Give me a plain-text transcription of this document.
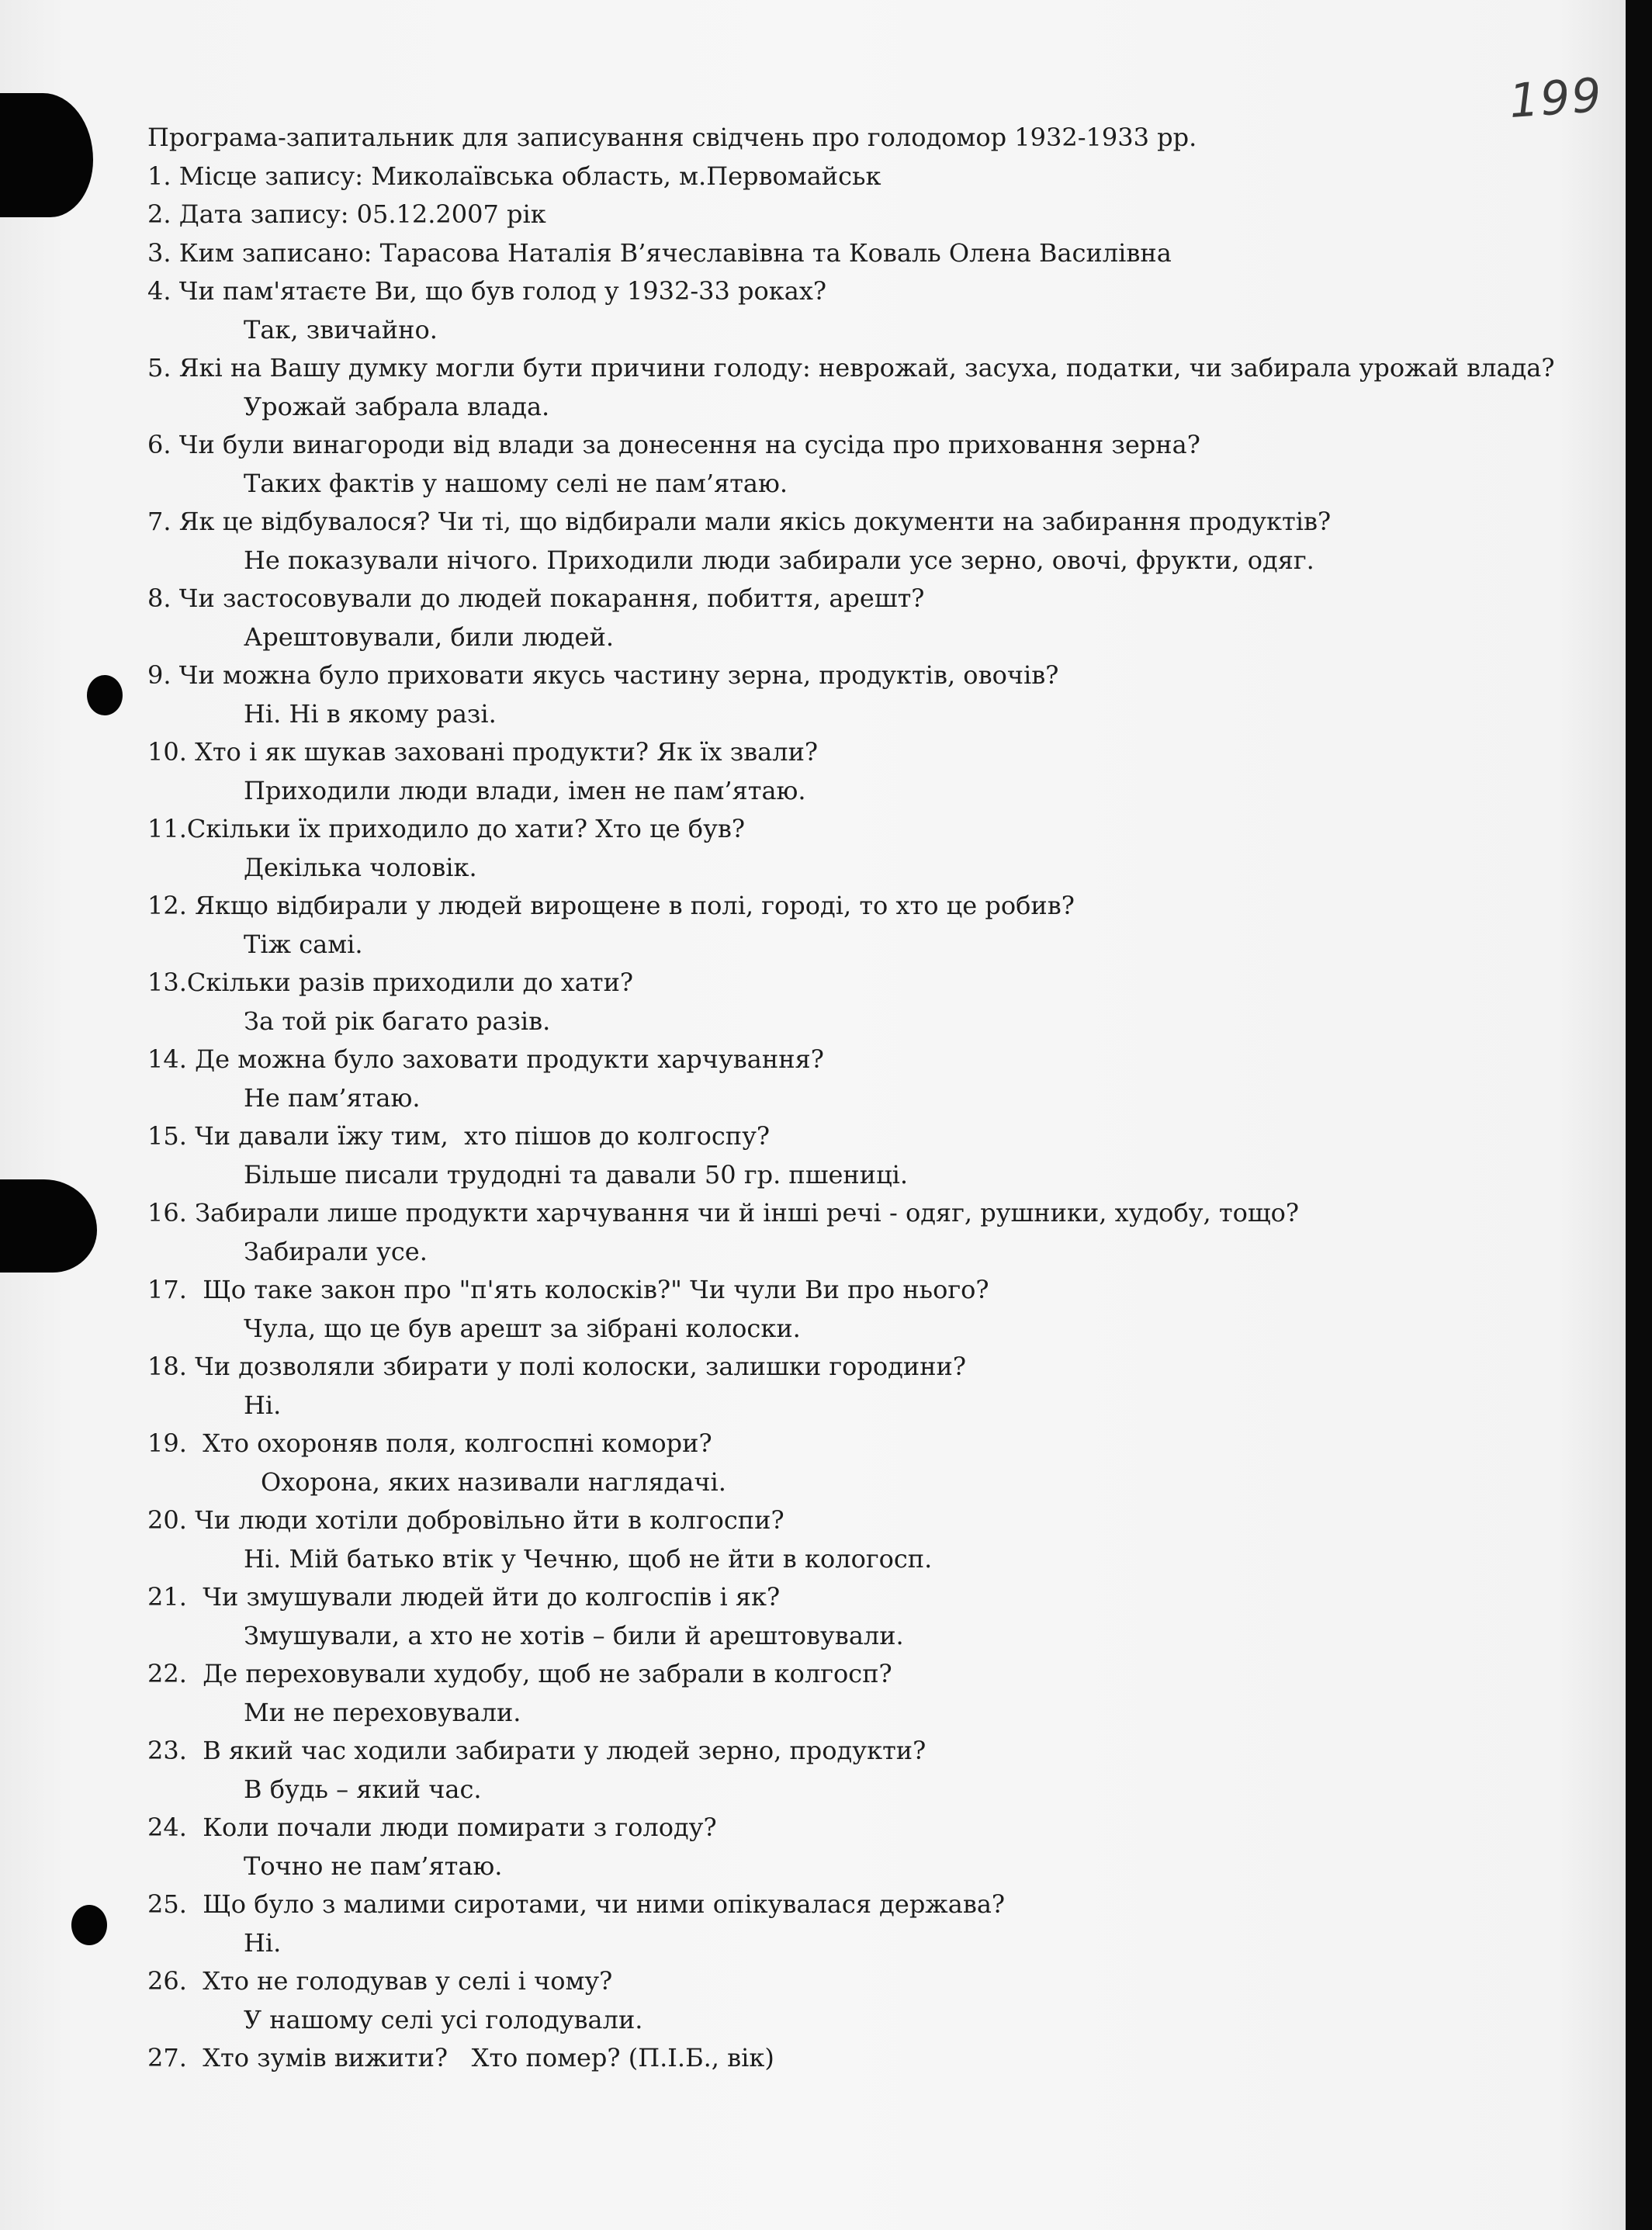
199
Програма-запитальник для записування свідчень про голодомор 1932-1933 рр.
1. Місце запису: Миколаївська область, м.Первомайськ
2. Дата запису: 05.12.2007 рік
3. Ким записано: Тарасова Наталія В’ячеславівна та Коваль Олена Василівна
4. Чи пам'ятаєте Ви, що був голод у 1932-33 роках?
Так, звичайно.
5. Які на Вашу думку могли бути причини голоду: неврожай, засуха, податки, чи забирала урожай влада?
Урожай забрала влада.
6. Чи були винагороди від влади за донесення на сусіда про приховання зерна?
Таких фактів у нашому селі не пам’ятаю.
7. Як це відбувалося? Чи ті, що відбирали мали якісь документи на забирання продуктів?
Не показували нічого. Приходили люди забирали усе зерно, овочі, фрукти, одяг.
8. Чи застосовували до людей покарання, побиття, арешт?
Арештовували, били людей.
9. Чи можна було приховати якусь частину зерна, продуктів, овочів?
Ні. Ні в якому разі.
10. Хто і як шукав заховані продукти? Як їх звали?
Приходили люди влади, імен не пам’ятаю.
11.Скільки їх приходило до хати? Хто це був?
Декілька чоловік.
12. Якщо відбирали у людей вирощене в полі, городі, то хто це робив?
Тіж самі.
13.Скільки разів приходили до хати?
За той рік багато разів.
14. Де можна було заховати продукти харчування?
Не пам’ятаю.
15. Чи давали їжу тим,  хто пішов до колгоспу?
Більше писали трудодні та давали 50 гр. пшениці.
16. Забирали лише продукти харчування чи й інші речі - одяг, рушники, худобу, тощо?
Забирали усе.
17.  Що таке закон про "п'ять колосків?" Чи чули Ви про нього?
Чула, що це був арешт за зібрані колоски.
18. Чи дозволяли збирати у полі колоски, залишки городини?
Ні.
19.  Хто охороняв поля, колгоспні комори?
Охорона, яких називали наглядачі.
20. Чи люди хотіли добровільно йти в колгоспи?
Ні. Мій батько втік у Чечню, щоб не йти в кологосп.
21.  Чи змушували людей йти до колгоспів і як?
Змушували, а хто не хотів – били й арештовували.
22.  Де переховували худобу, щоб не забрали в колгосп?
Ми не переховували.
23.  В який час ходили забирати у людей зерно, продукти?
В будь – який час.
24.  Коли почали люди помирати з голоду?
Точно не пам’ятаю.
25.  Що було з малими сиротами, чи ними опікувалася держава?
Ні.
26.  Хто не голодував у селі і чому?
У нашому селі усі голодували.
27.  Хто зумів вижити?   Хто помер? (П.І.Б., вік)
